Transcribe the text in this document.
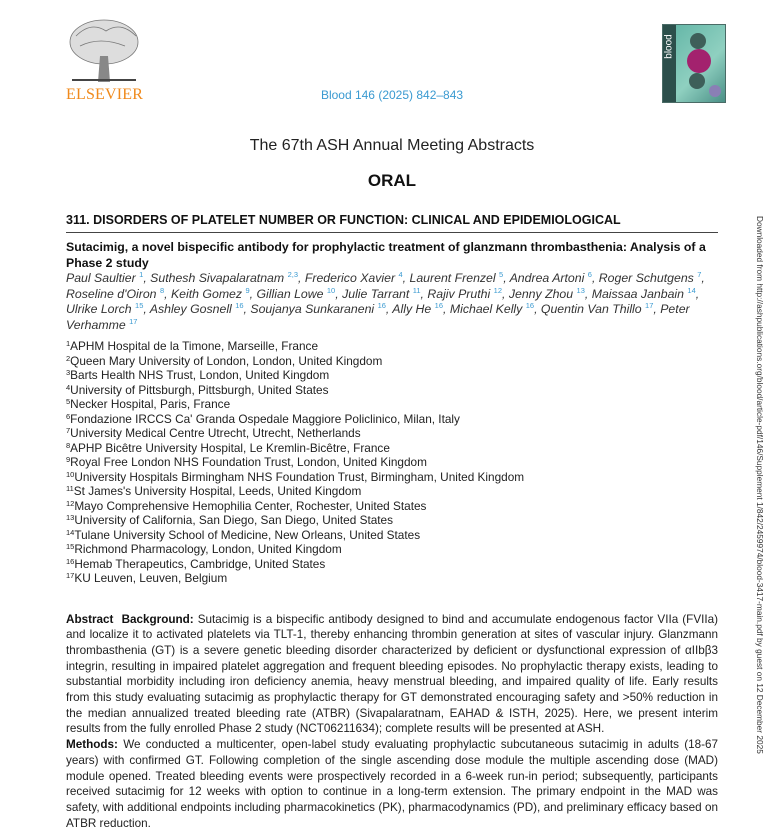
ELSEVIER	Blood 146 (2025) 842–843
blood
The 67th ASH Annual Meeting Abstracts
ORAL
311. DISORDERS OF PLATELET NUMBER OR FUNCTION: CLINICAL AND EPIDEMIOLOGICAL
Sutacimig, a novel bispecific antibody for prophylactic treatment of glanzmann thrombasthenia: Analysis of a Phase 2 study
Paul Saultier $^1$, Suthesh Sivapalaratnam $^{2,3}$, Frederico Xavier $^4$, Laurent Frenzel $^5$, Andrea Artoni $^6$, Roger Schutgens $^7$, Roseline d'Oiron $^8$, Keith Gomez $^9$, Gillian Lowe $^{10}$, Julie Tarrant $^{11}$, Rajiv Pruthi $^{12}$, Jenny Zhou $^{13}$, Maissaa Janbain $^{14}$, Ulrike Lorch $^{15}$, Ashley Gosnell $^{16}$, Soujanya Sunkaraneni $^{16}$, Ally He $^{16}$, Michael Kelly $^{16}$, Quentin Van Thillo $^{17}$, Peter Verhamme $^{17}$
$^1$APHM Hospital de la Timone, Marseille, France
$^2$Queen Mary University of London, London, United Kingdom
$^3$Barts Health NHS Trust, London, United Kingdom
$^4$University of Pittsburgh, Pittsburgh, United States
$^5$Necker Hospital, Paris, France
$^6$Fondazione IRCCS Ca' Granda Ospedale Maggiore Policlinico, Milan, Italy
$^7$University Medical Centre Utrecht, Utrecht, Netherlands
$^8$APHP Bicêtre University Hospital, Le Kremlin-Bicêtre, France
$^9$Royal Free London NHS Foundation Trust, London, United Kingdom
$^{10}$University Hospitals Birmingham NHS Foundation Trust, Birmingham, United Kingdom
$^{11}$St James's University Hospital, Leeds, United Kingdom
$^{12}$Mayo Comprehensive Hemophilia Center, Rochester, United States
$^{13}$University of California, San Diego, San Diego, United States
$^{14}$Tulane University School of Medicine, New Orleans, United States
$^{15}$Richmond Pharmacology, London, United Kingdom
$^{16}$Hemab Therapeutics, Cambridge, United States
$^{17}$KU Leuven, Leuven, Belgium
Abstract Background: Sutacimig is a bispecific antibody designed to bind and accumulate endogenous factor VIIa (FVIIa) and localize it to activated platelets via TLT-1, thereby enhancing thrombin generation at sites of vascular injury. Glanzmann thrombasthenia (GT) is a severe genetic bleeding disorder characterized by deficient or dysfunctional expression of αIIbβ3 integrin, resulting in impaired platelet aggregation and frequent bleeding episodes. No prophylactic therapy exists, leading to substantial morbidity including iron deficiency anemia, heavy menstrual bleeding, and impaired quality of life. Early results from this study evaluating sutacimig as prophylactic therapy for GT demonstrated encouraging safety and >50% reduction in the median annualized treated bleeding rate (ATBR) (Sivapalaratnam, EAHAD & ISTH, 2025). Here, we present interim results from the fully enrolled Phase 2 study (NCT06211634); complete results will be presented at ASH.
Methods: We conducted a multicenter, open-label study evaluating prophylactic subcutaneous sutacimig in adults (18-67 years) with confirmed GT. Following completion of the single ascending dose module the multiple ascending dose (MAD) module opened. Treated bleeding events were prospectively recorded in a 6-week run-in period; subsequently, participants received sutacimig for 12 weeks with option to continue in a long-term extension. The primary endpoint in the MAD was safety, with additional endpoints including pharmacokinetics (PK), pharmacodynamics (PD), and preliminary efficacy based on ATBR reduction.
Downloaded from http://ashpublications.org/blood/article-pdf/146/Supplement 1/842/2459974/blood-3417-main.pdf by guest on 12 December 2025
